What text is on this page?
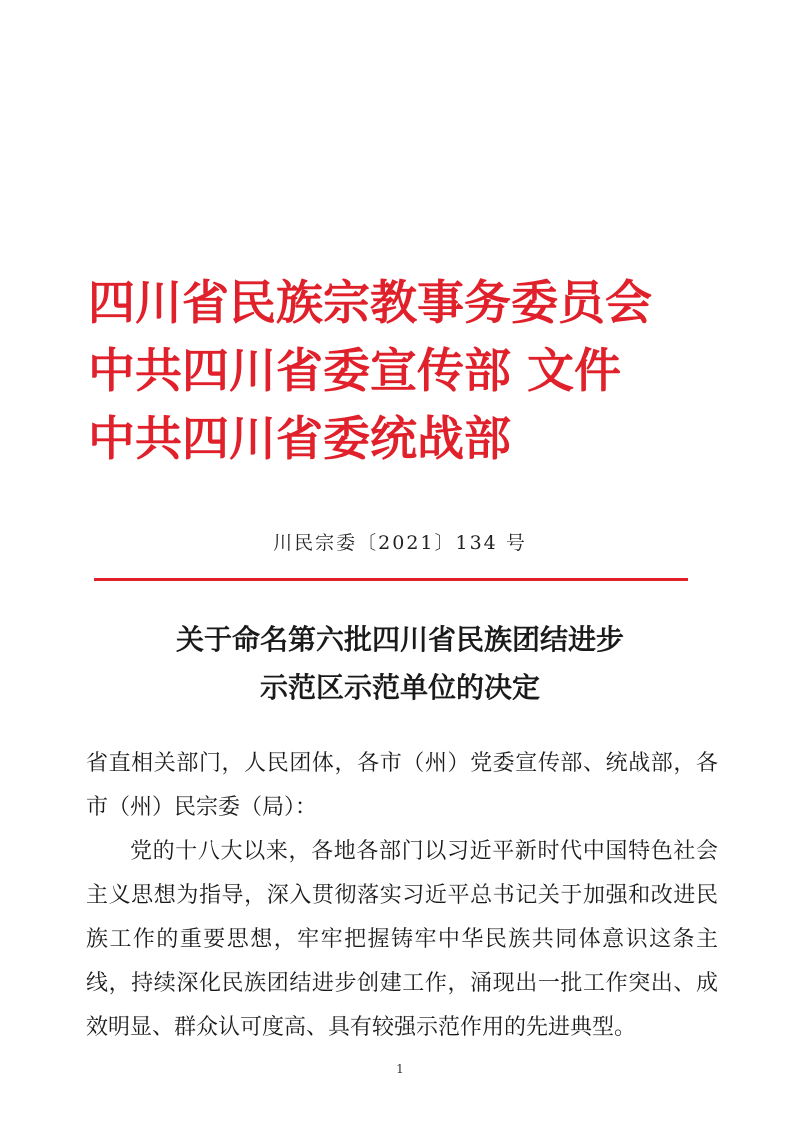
四川省民族宗教事务委员会
中共四川省委宣传部 文件
中共四川省委统战部
川民宗委〔2021〕134 号
关于命名第六批四川省民族团结进步
示范区示范单位的决定

省直相关部门，人民团体，各市（州）党委宣传部、统战部，各市（州）民宗委（局）：

党的十八大以来，各地各部门以习近平新时代中国特色社会主义思想为指导，深入贯彻落实习近平总书记关于加强和改进民族工作的重要思想，牢牢把握铸牢中华民族共同体意识这条主线，持续深化民族团结进步创建工作，涌现出一批工作突出、成效明显、群众认可度高、具有较强示范作用的先进典型。

1
